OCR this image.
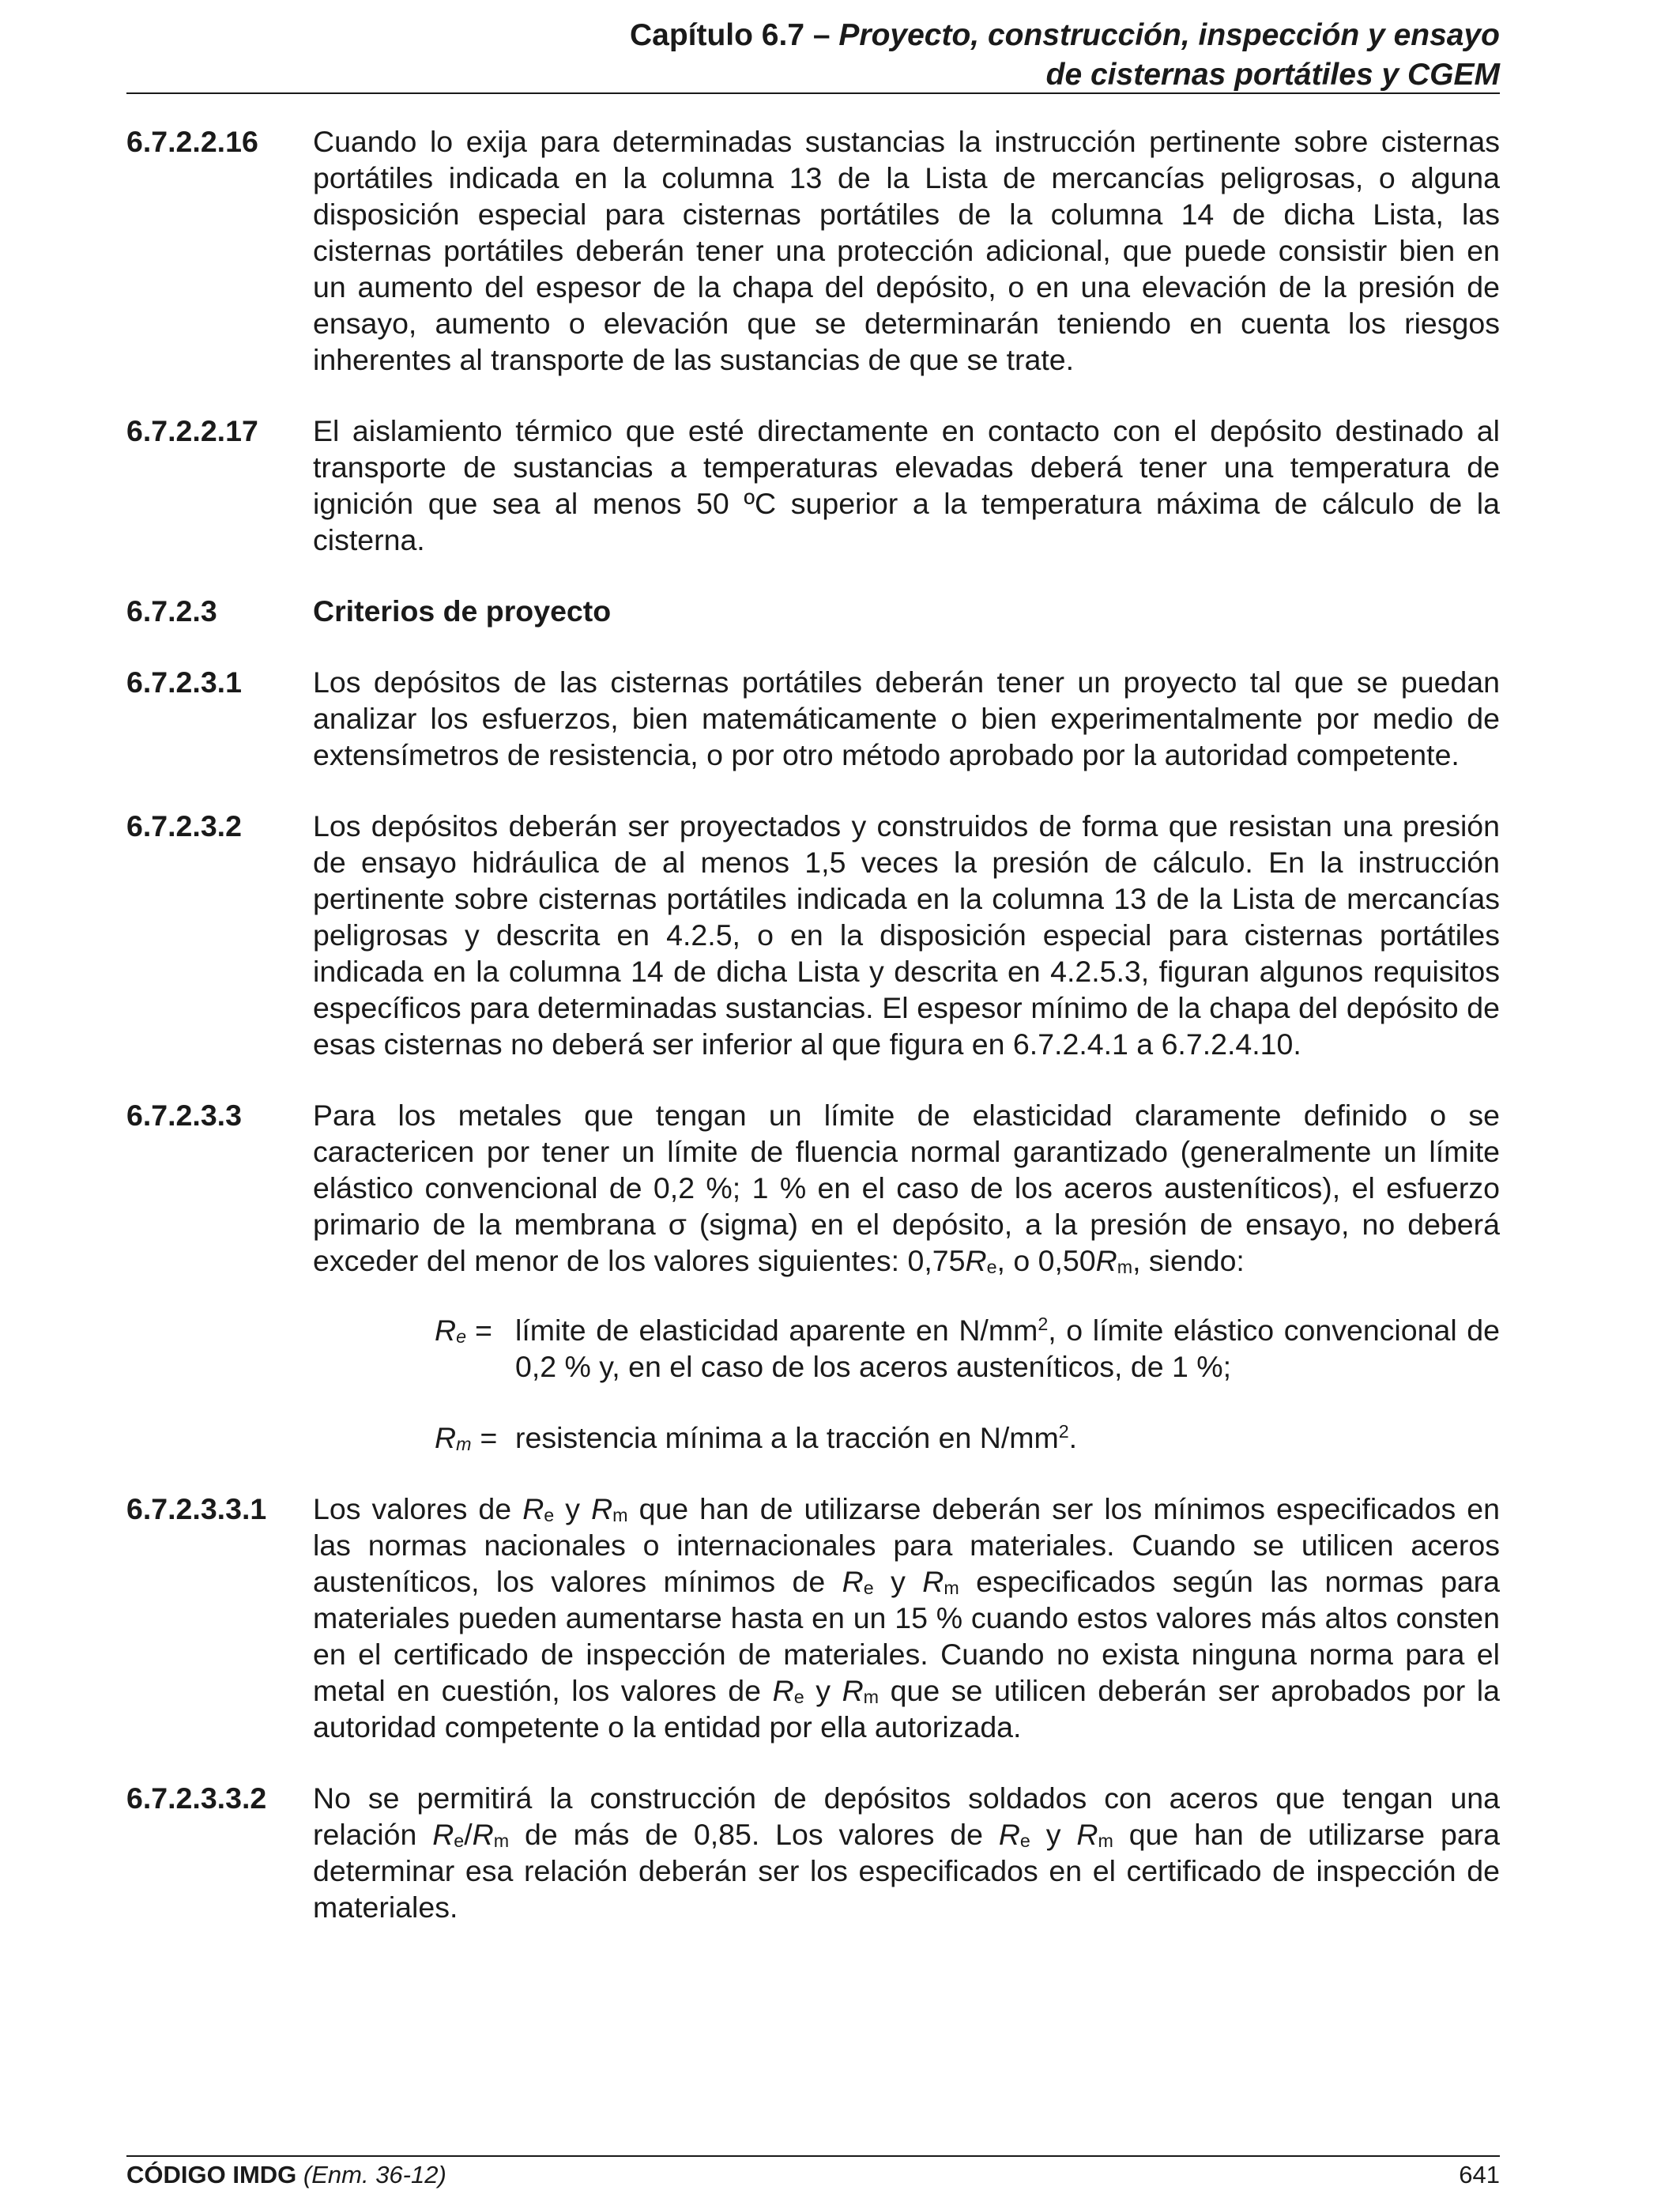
Capítulo 6.7 – Proyecto, construcción, inspección y ensayo
de cisternas portátiles y CGEM
6.7.2.2.16	Cuando lo exija para determinadas sustancias la instrucción pertinente sobre cisternas portátiles indicada en la columna 13 de la Lista de mercancías peligrosas, o alguna disposición especial para cisternas portátiles de la columna 14 de dicha Lista, las cisternas portátiles deberán tener una protección adicional, que puede consistir bien en un aumento del espesor de la chapa del depósito, o en una elevación de la presión de ensayo, aumento o elevación que se determinarán teniendo en cuenta los riesgos inherentes al transporte de las sustancias de que se trate.
6.7.2.2.17	El aislamiento térmico que esté directamente en contacto con el depósito destinado al transporte de sustancias a temperaturas elevadas deberá tener una temperatura de ignición que sea al menos 50 ºC superior a la temperatura máxima de cálculo de la cisterna.
6.7.2.3	Criterios de proyecto
6.7.2.3.1	Los depósitos de las cisternas portátiles deberán tener un proyecto tal que se puedan analizar los esfuerzos, bien matemáticamente o bien experimentalmente por medio de extensímetros de resistencia, o por otro método aprobado por la autoridad competente.
6.7.2.3.2	Los depósitos deberán ser proyectados y construidos de forma que resistan una presión de ensayo hidráulica de al menos 1,5 veces la presión de cálculo. En la instrucción pertinente sobre cisternas portátiles indicada en la columna 13 de la Lista de mercancías peligrosas y descrita en 4.2.5, o en la disposición especial para cisternas portátiles indicada en la columna 14 de dicha Lista y descrita en 4.2.5.3, figuran algunos requisitos específicos para determinadas sustancias. El espesor mínimo de la chapa del depósito de esas cisternas no deberá ser inferior al que figura en 6.7.2.4.1 a 6.7.2.4.10.
6.7.2.3.3	Para los metales que tengan un límite de elasticidad claramente definido o se caractericen por tener un límite de fluencia normal garantizado (generalmente un límite elástico convencional de 0,2 %; 1 % en el caso de los aceros austeníticos), el esfuerzo primario de la membrana σ (sigma) en el depósito, a la presión de ensayo, no deberá exceder del menor de los valores siguientes: $0,75R_e$, o $0,50R_m$, siendo:
$R_e$ = límite de elasticidad aparente en $N/mm^2$, o límite elástico convencional de 0,2 % y, en el caso de los aceros austeníticos, de 1 %;
$R_m$ = resistencia mínima a la tracción en $N/mm^2$.
6.7.2.3.3.1	Los valores de $R_e$ y $R_m$ que han de utilizarse deberán ser los mínimos especificados en las normas nacionales o internacionales para materiales. Cuando se utilicen aceros austeníticos, los valores mínimos de $R_e$ y $R_m$ especificados según las normas para materiales pueden aumentarse hasta en un 15 % cuando estos valores más altos consten en el certificado de inspección de materiales. Cuando no exista ninguna norma para el metal en cuestión, los valores de $R_e$ y $R_m$ que se utilicen deberán ser aprobados por la autoridad competente o la entidad por ella autorizada.
6.7.2.3.3.2	No se permitirá la construcción de depósitos soldados con aceros que tengan una relación $R_e/R_m$ de más de 0,85. Los valores de $R_e$ y $R_m$ que han de utilizarse para determinar esa relación deberán ser los especificados en el certificado de inspección de materiales.
CÓDIGO IMDG (Enm. 36-12)	641
